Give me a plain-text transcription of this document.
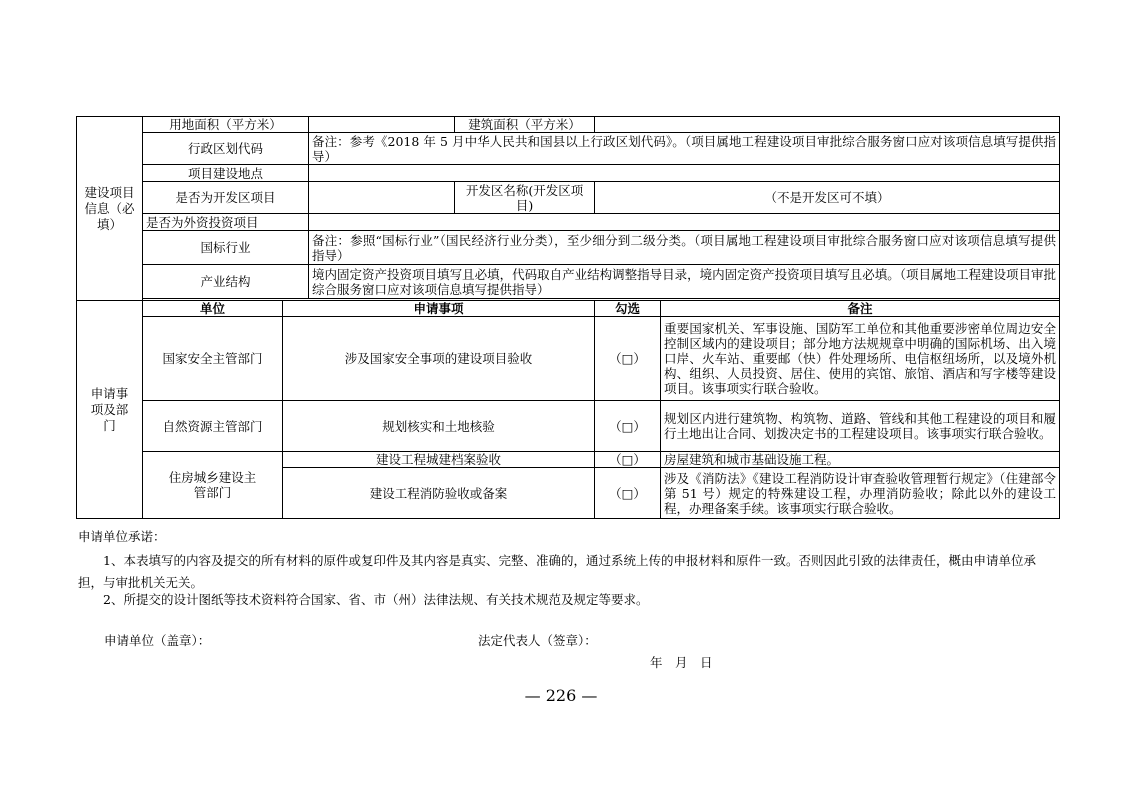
建设项目信息（必填）	用地面积（平方米）			建筑面积（平方米）		
	行政区划代码		备注：参考《2018 年 5 月中华人民共和国县以上行政区划代码》。（项目属地工程建设项目审批综合服务窗口应对该项信息填写提供指导）			
	项目建设地点					
	是否为开发区项目			开发区名称(开发区项目)	（不是开发区可不填）	
	是否为外资投资项目					
	国标行业		备注：参照“国标行业”（国民经济行业分类），至少细分到二级分类。（项目属地工程建设项目审批综合服务窗口应对该项信息填写提供指导）			
	产业结构		境内固定资产投资项目填写且必填，代码取自产业结构调整指导目录，境内固定资产投资项目填写且必填。（项目属地工程建设项目审批综合服务窗口应对该项信息填写提供指导）			

申请事项及部门	单位	申请事项			勾选	备注
	国家安全主管部门	涉及国家安全事项的建设项目验收			（□）	重要国家机关、军事设施、国防军工单位和其他重要涉密单位周边安全控制区域内的建设项目；部分地方法规规章中明确的国际机场、出入境口岸、火车站、重要邮（快）件处理场所、电信枢纽场所，以及境外机构、组织、人员投资、居住、使用的宾馆、旅馆、酒店和写字楼等建设项目。该事项实行联合验收。
	自然资源主管部门	规划核实和土地核验			（□）	规划区内进行建筑物、构筑物、道路、管线和其他工程建设的项目和履行土地出让合同、划拨决定书的工程建设项目。该事项实行联合验收。

	住房城乡建设主管部门	建设工程城建档案验收			（□）	房屋建筑和城市基础设施工程。
		建设工程消防验收或备案			（□）	涉及《消防法》《建设工程消防设计审查验收管理暂行规定》（住建部令第 51 号）规定的特殊建设工程，办理消防验收；除此以外的建设工程，办理备案手续。该事项实行联合验收。
申请单位承诺：
1、本表填写的内容及提交的所有材料的原件或复印件及其内容是真实、完整、准确的，通过系统上传的申报材料和原件一致。否则因此引致的法律责任，概由申请单位承担，与审批机关无关。
2、所提交的设计图纸等技术资料符合国家、省、市（州）法律法规、有关技术规范及规定等要求。
申请单位（盖章）：	法定代表人（签章）：
年　月　日
— 226 —
